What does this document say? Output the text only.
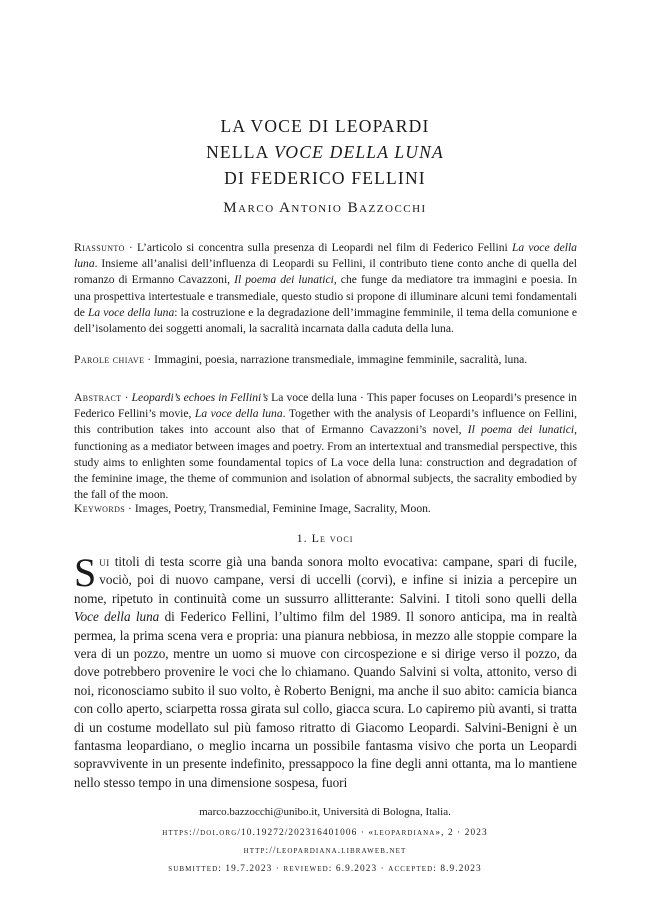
LA VOCE DI LEOPARDI
NELLA VOCE DELLA LUNA
DI FEDERICO FELLINI
Marco Antonio Bazzocchi

Riassunto · L’articolo si concentra sulla presenza di Leopardi nel film di Federico Fellini La voce della luna. Insieme all’analisi dell’influenza di Leopardi su Fellini, il contributo tiene conto anche di quella del romanzo di Ermanno Cavazzoni, Il poema dei lunatici, che funge da mediatore tra immagini e poesia. In una prospettiva intertestuale e transmediale, questo studio si propone di illuminare alcuni temi fondamentali de La voce della luna: la costruzione e la degradazione dell’immagine femminile, il tema della comunione e dell’isolamento dei soggetti anomali, la sacralità incarnata dalla caduta della luna.

Parole chiave · Immagini, poesia, narrazione transmediale, immagine femminile, sacralità, luna.

Abstract · Leopardi’s echoes in Fellini’s La voce della luna · This paper focuses on Leopardi’s presence in Federico Fellini’s movie, La voce della luna. Together with the analysis of Leopardi’s influence on Fellini, this contribution takes into account also that of Ermanno Cavazzoni’s novel, Il poema dei lunatici, functioning as a mediator between images and poetry. From an intertextual and transmedial perspective, this study aims to enlighten some foundamental topics of La voce della luna: construction and degradation of the feminine image, the theme of communion and isolation of abnormal subjects, the sacrality embodied by the fall of the moon.

Keywords · Images, Poetry, Transmedial, Feminine Image, Sacrality, Moon.

1. Le voci

Sui titoli di testa scorre già una banda sonora molto evocativa: campane, spari di fucile, vociò, poi di nuovo campane, versi di uccelli (corvi), e infine si inizia a percepire un nome, ripetuto in continuità come un sussurro allitterante: Salvini. I titoli sono quelli della Voce della luna di Federico Fellini, l’ultimo film del 1989. Il sonoro anticipa, ma in realtà permea, la prima scena vera e propria: una pianura nebbiosa, in mezzo alle stoppie compare la vera di un pozzo, mentre un uomo si muove con circospezione e si dirige verso il pozzo, da dove potrebbero provenire le voci che lo chiamano. Quando Salvini si volta, attonito, verso di noi, riconosciamo subito il suo volto, è Roberto Benigni, ma anche il suo abito: camicia bianca con collo aperto, sciarpetta rossa girata sul collo, giacca scura. Lo capiremo più avanti, si tratta di un costume modellato sul più famoso ritratto di Giacomo Leopardi. Salvini-Benigni è un fantasma leopardiano, o meglio incarna un possibile fantasma visivo che porta un Leopardi sopravvivente in un presente indefinito, pressappoco la fine degli anni ottanta, ma lo mantiene nello stesso tempo in una dimensione sospesa, fuori

marco.bazzocchi@unibo.it, Università di Bologna, Italia.
https://doi.org/10.19272/202316401006 · «leopardiana», 2 · 2023
http://leopardiana.libraweb.net
submitted: 19.7.2023 · reviewed: 6.9.2023 · accepted: 8.9.2023
